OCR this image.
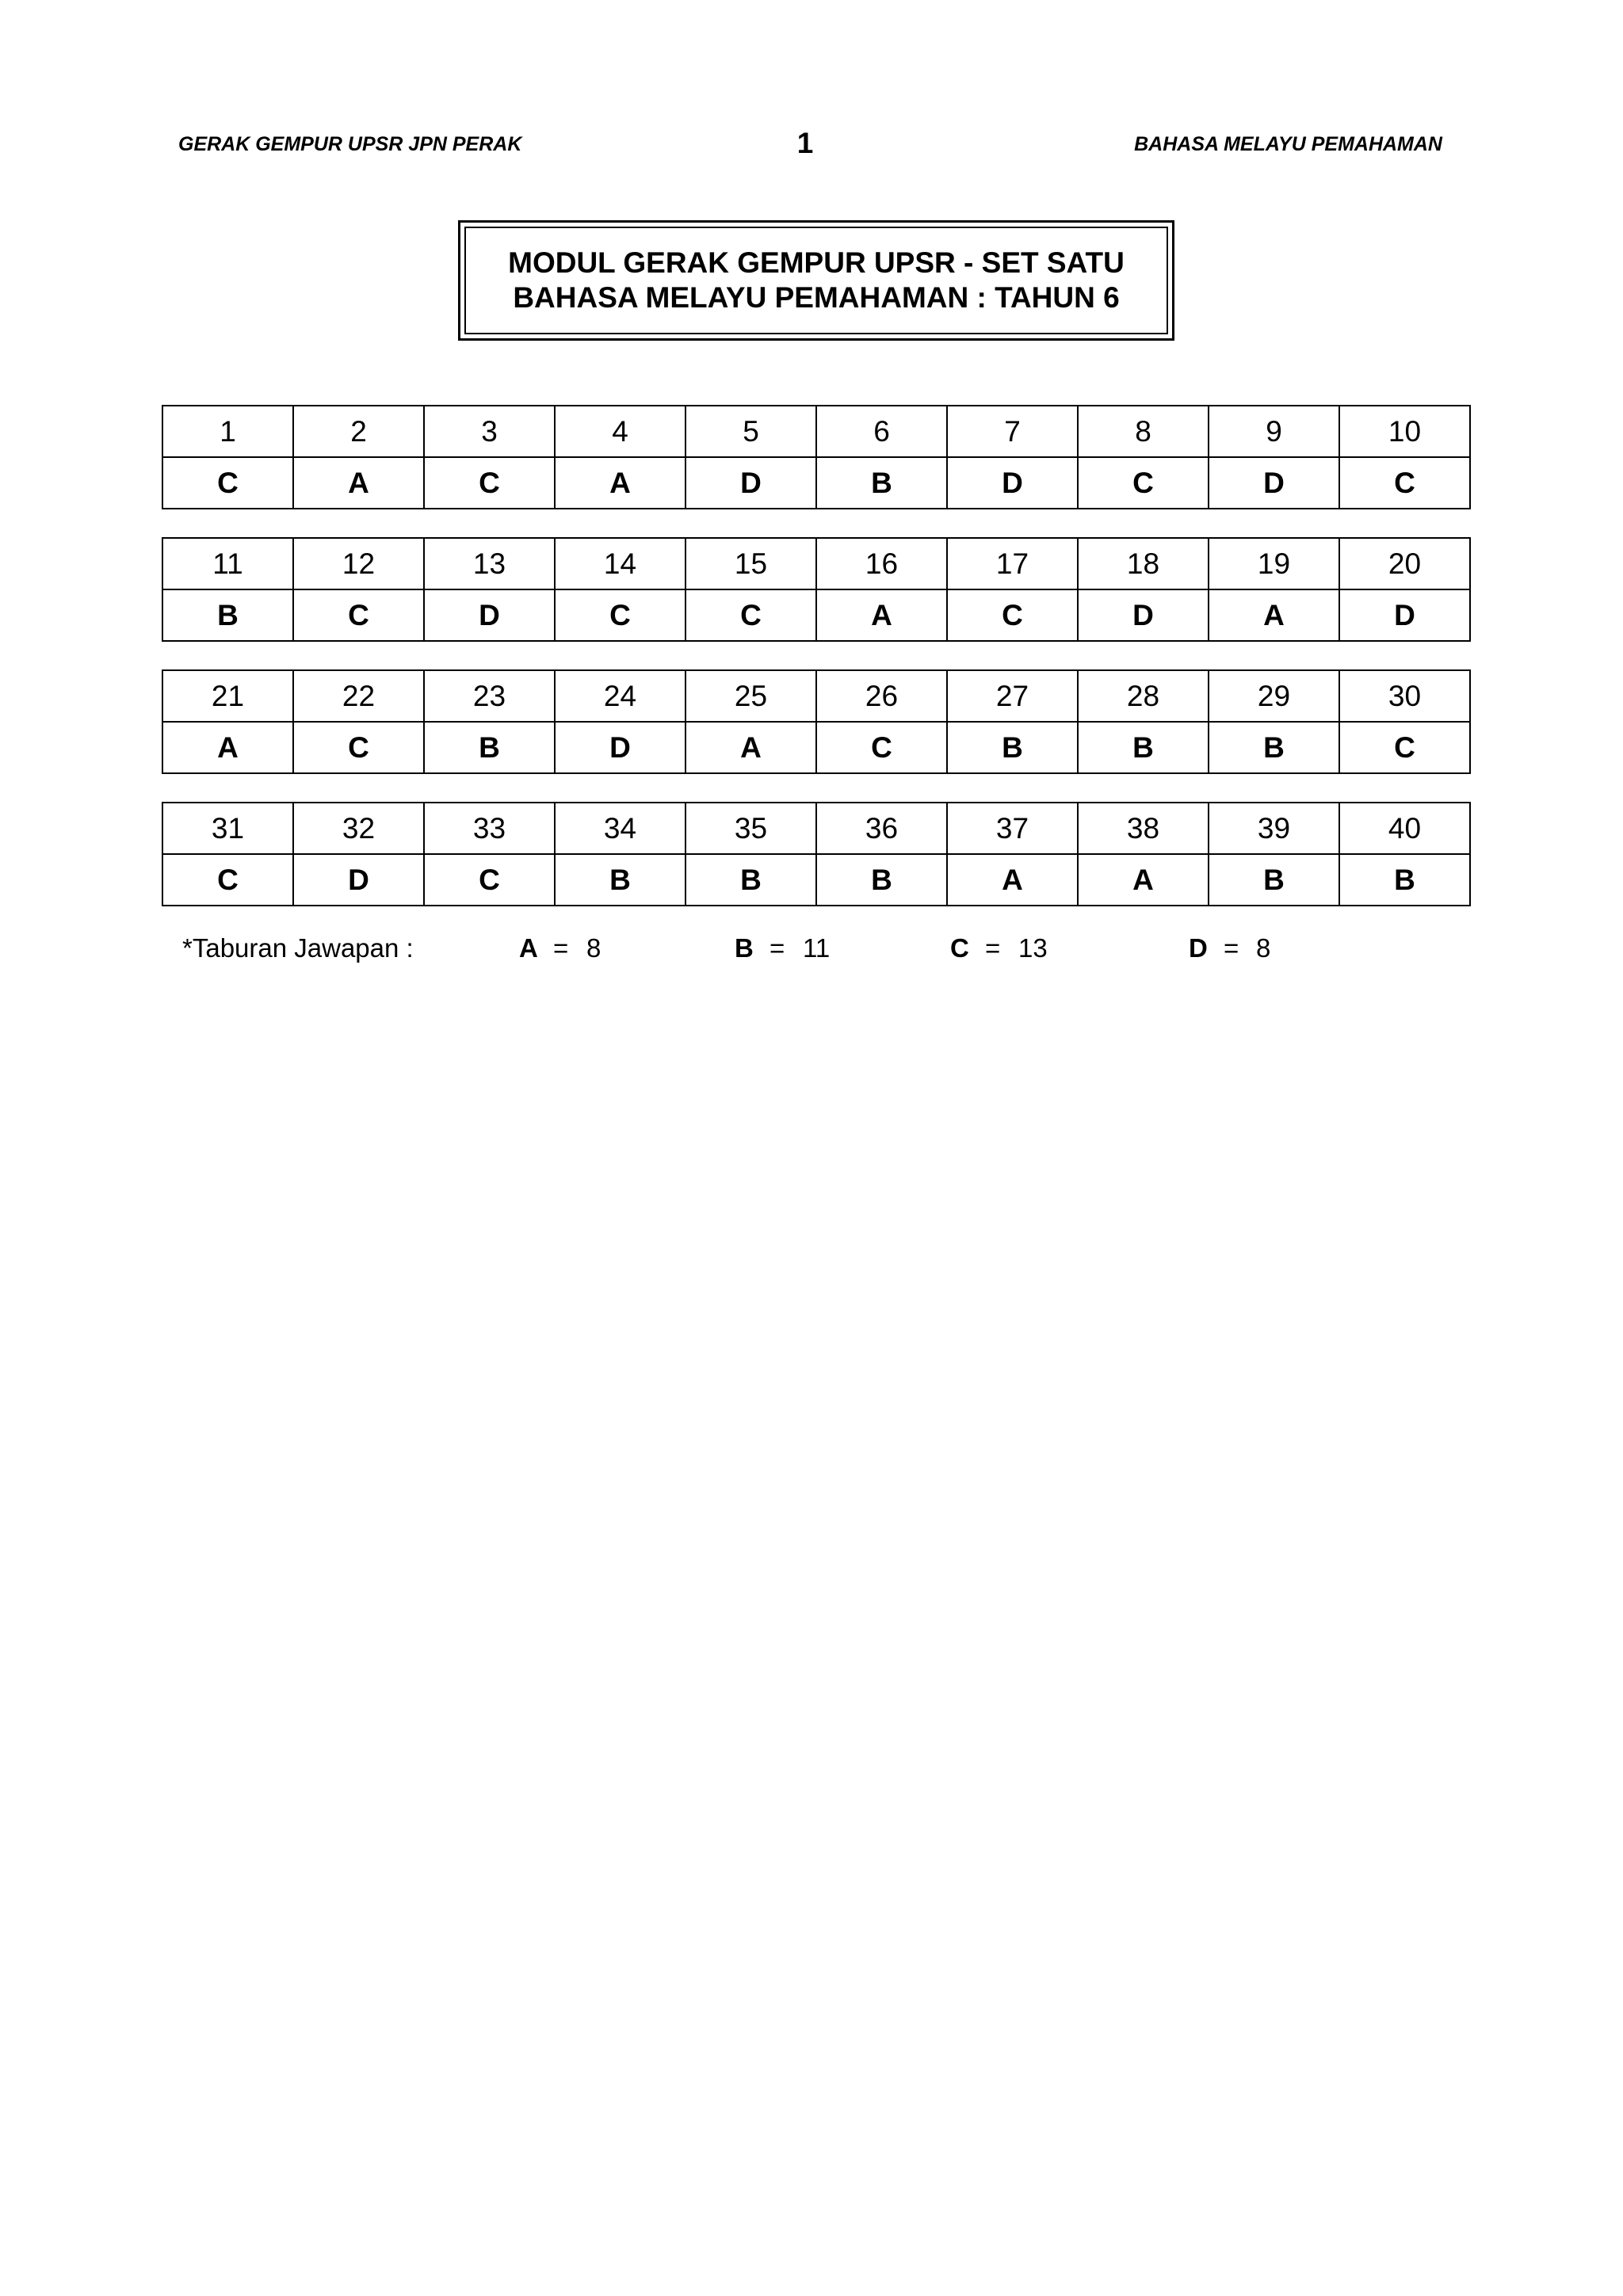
GERAK GEMPUR UPSR JPN PERAK	1	BAHASA MELAYU PEMAHAMAN
MODUL GERAK GEMPUR UPSR - SET SATU
BAHASA MELAYU PEMAHAMAN : TAHUN 6
1	2	3	4	5	6	7	8	9	10
C	A	C	A	D	B	D	C	D	C
11	12	13	14	15	16	17	18	19	20
B	C	D	C	C	A	C	D	A	D
21	22	23	24	25	26	27	28	29	30
A	C	B	D	A	C	B	B	B	C
31	32	33	34	35	36	37	38	39	40
C	D	C	B	B	B	A	A	B	B
*Taburan Jawapan :	A = 8	B = 11	C = 13	D = 8
